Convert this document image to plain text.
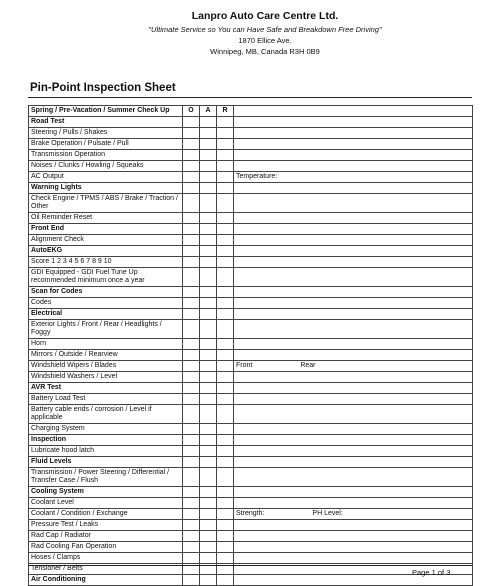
Lanpro Auto Care Centre Ltd.
"Ultimate Service so You can Have Safe and Breakdown Free Driving"
1870 Ellice Ave.
Winnipeg, MB, Canada R3H 0B9
Pin-Point Inspection Sheet
Spring / Pre-Vacation / Summer Check Up	O	A	R	
Road Test				
Steering / Pulls / Shakes				
Brake Operation / Pulsate / Pull				
Transmission Operation				
Noises / Clunks / Howling / Squeaks				
AC Output				Temperature:
Warning Lights				
Check Engine / TPMS / ABS / Brake / Traction / Other				
Oil Reminder Reset				
Front End				
Alignment Check				
AutoEKG				
Score 1 2 3 4 5 6 7 8 9 10				
GDI Equipped - GDI Fuel Tune Up recommended minimum once a year				
Scan for Codes				
Codes				
Electrical				
Exterior Lights / Front / Rear / Headlights / Foggy				
Horn				
Mirrors / Outside / Rearview				
Windshield Wipers / Blades				Front Rear
Windshield Washers / Level				
AVR Test				
Battery Load Test				
Battery cable ends / corrosion / Level if applicable				
Charging System				
Inspection				
Lubricate hood latch				
Fluid Levels				
Transmission / Power Steering / Differential / Transfer Case / Flush				
Cooling System				
Coolant Level				
Coolant / Condition / Exchange				Strength: PH Level:
Pressure Test / Leaks				
Rad Cap / Radiator				
Rad Cooling Fan Operation				
Hoses / Clamps				
Tensioner / Belts				
Air Conditioning				
Page 1 of 3
